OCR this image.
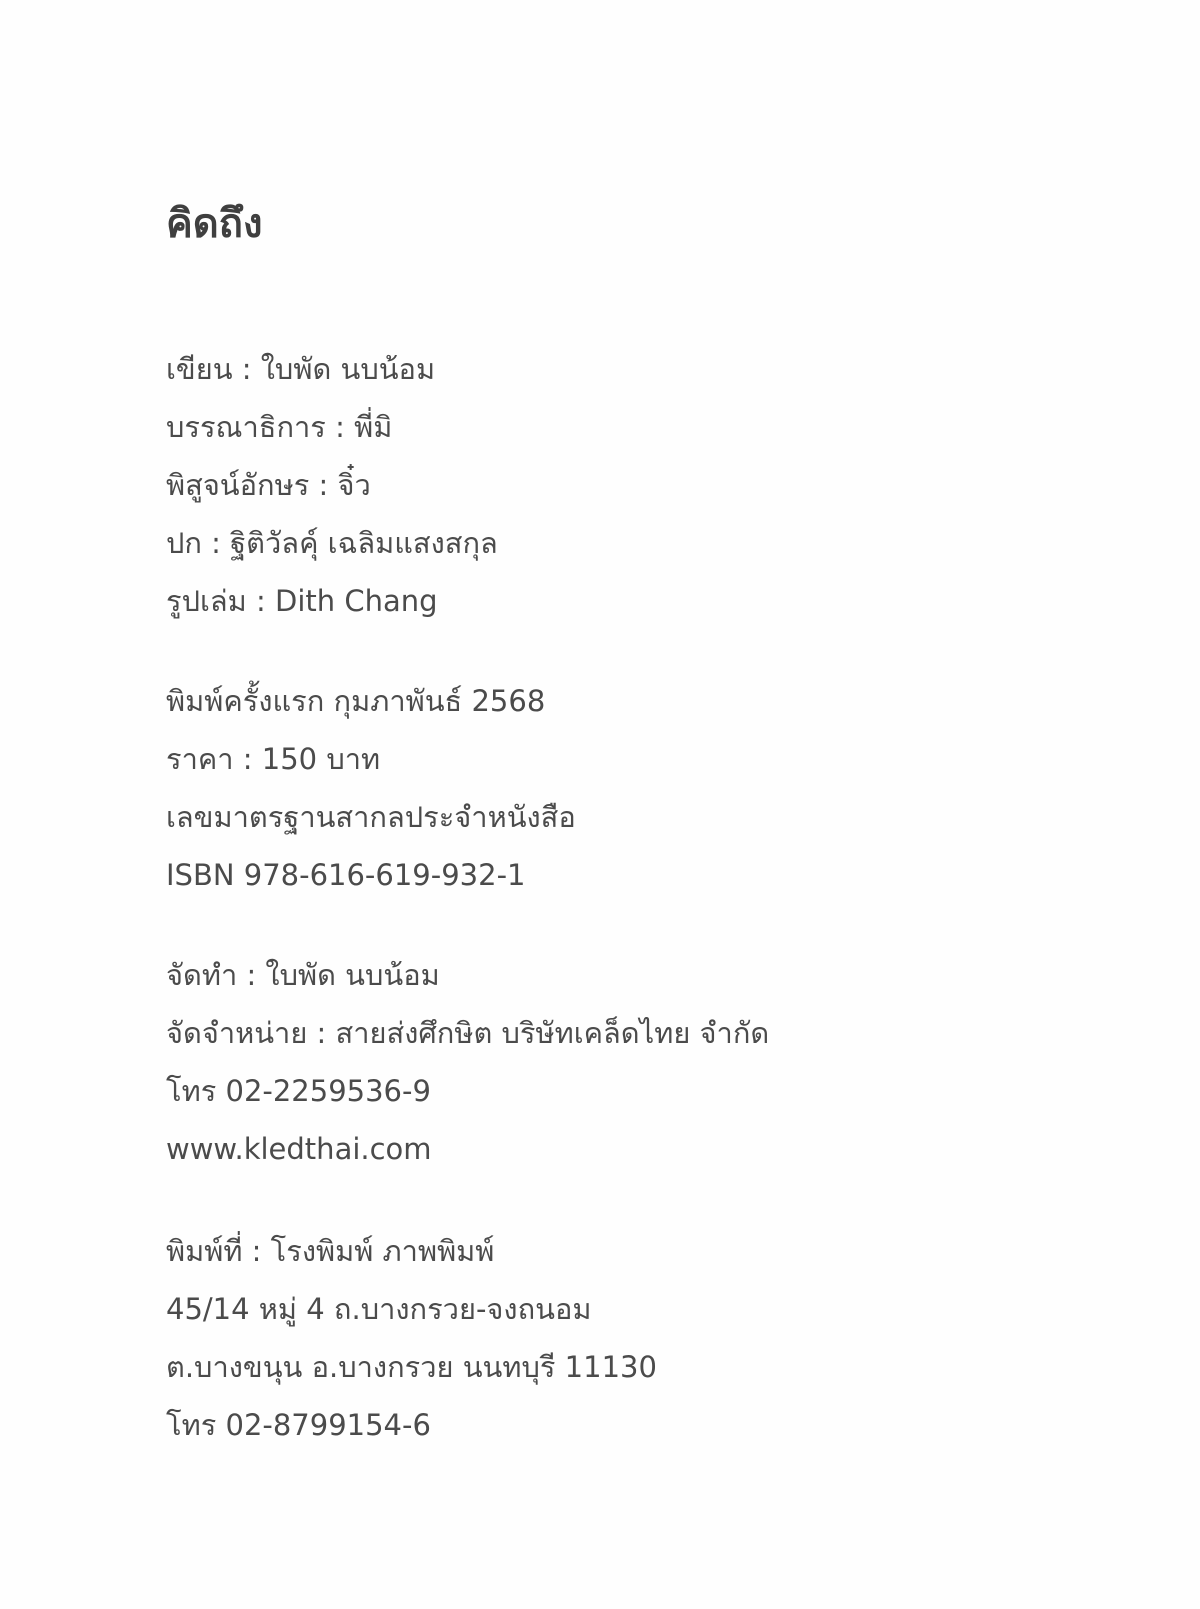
คิดถึง
เขียน : ใบพัด นบน้อม
บรรณาธิการ : พี่มิ
พิสูจน์อักษร : จิ๋ว
ปก : ฐิติวัลคุ์ เฉลิมแสงสกุล
รูปเล่ม : Dith Chang
พิมพ์ครั้งแรก กุมภาพันธ์ 2568
ราคา : 150 บาท
เลขมาตรฐานสากลประจำหนังสือ
ISBN 978-616-619-932-1
จัดทำ : ใบพัด นบน้อม
จัดจำหน่าย : สายส่งศึกษิต บริษัทเคล็ดไทย จำกัด
โทร 02-2259536-9
www.kledthai.com
พิมพ์ที่ : โรงพิมพ์ ภาพพิมพ์
45/14 หมู่ 4 ถ.บางกรวย-จงถนอม
ต.บางขนุน อ.บางกรวย นนทบุรี 11130
โทร 02-8799154-6
